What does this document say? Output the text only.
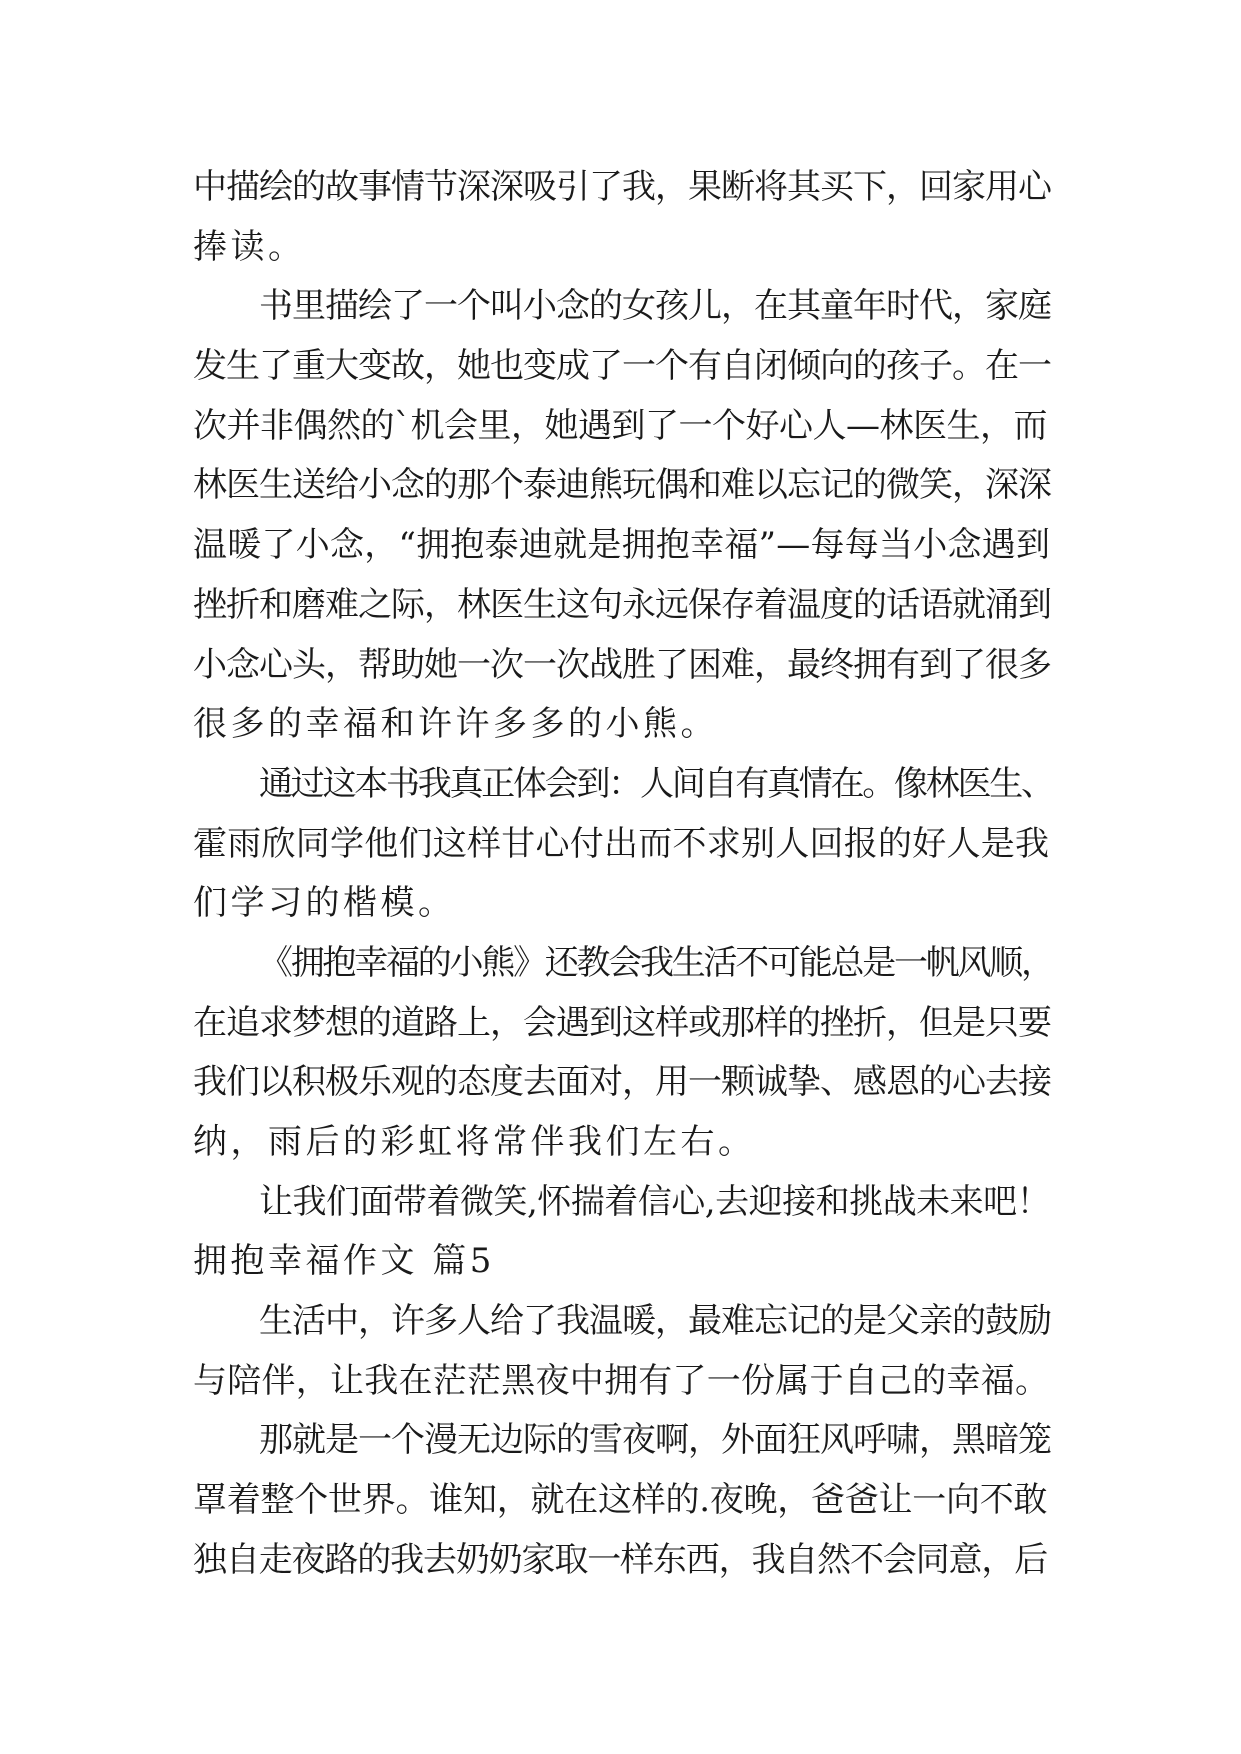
中描绘的故事情节深深吸引了我，果断将其买下，回家用心
捧读。
书里描绘了一个叫小念的女孩儿，在其童年时代，家庭
发生了重大变故，她也变成了一个有自闭倾向的孩子。在一
次并非偶然的`机会里，她遇到了一个好心人—林医生，而
林医生送给小念的那个泰迪熊玩偶和难以忘记的微笑，深深
温暖了小念，“拥抱泰迪就是拥抱幸福”—每每当小念遇到
挫折和磨难之际，林医生这句永远保存着温度的话语就涌到
小念心头，帮助她一次一次战胜了困难，最终拥有到了很多
很多的幸福和许许多多的小熊。
通过这本书我真正体会到：人间自有真情在。像林医生、
霍雨欣同学他们这样甘心付出而不求别人回报的好人是我
们学习的楷模。
《拥抱幸福的小熊》还教会我生活不可能总是一帆风顺，
在追求梦想的道路上，会遇到这样或那样的挫折，但是只要
我们以积极乐观的态度去面对，用一颗诚挚、感恩的心去接
纳，雨后的彩虹将常伴我们左右。
让我们面带着微笑,怀揣着信心,去迎接和挑战未来吧！
拥抱幸福作文 篇5
生活中，许多人给了我温暖，最难忘记的是父亲的鼓励
与陪伴，让我在茫茫黑夜中拥有了一份属于自己的幸福。
那就是一个漫无边际的雪夜啊，外面狂风呼啸，黑暗笼
罩着整个世界。谁知，就在这样的.夜晚，爸爸让一向不敢
独自走夜路的我去奶奶家取一样东西，我自然不会同意，后
